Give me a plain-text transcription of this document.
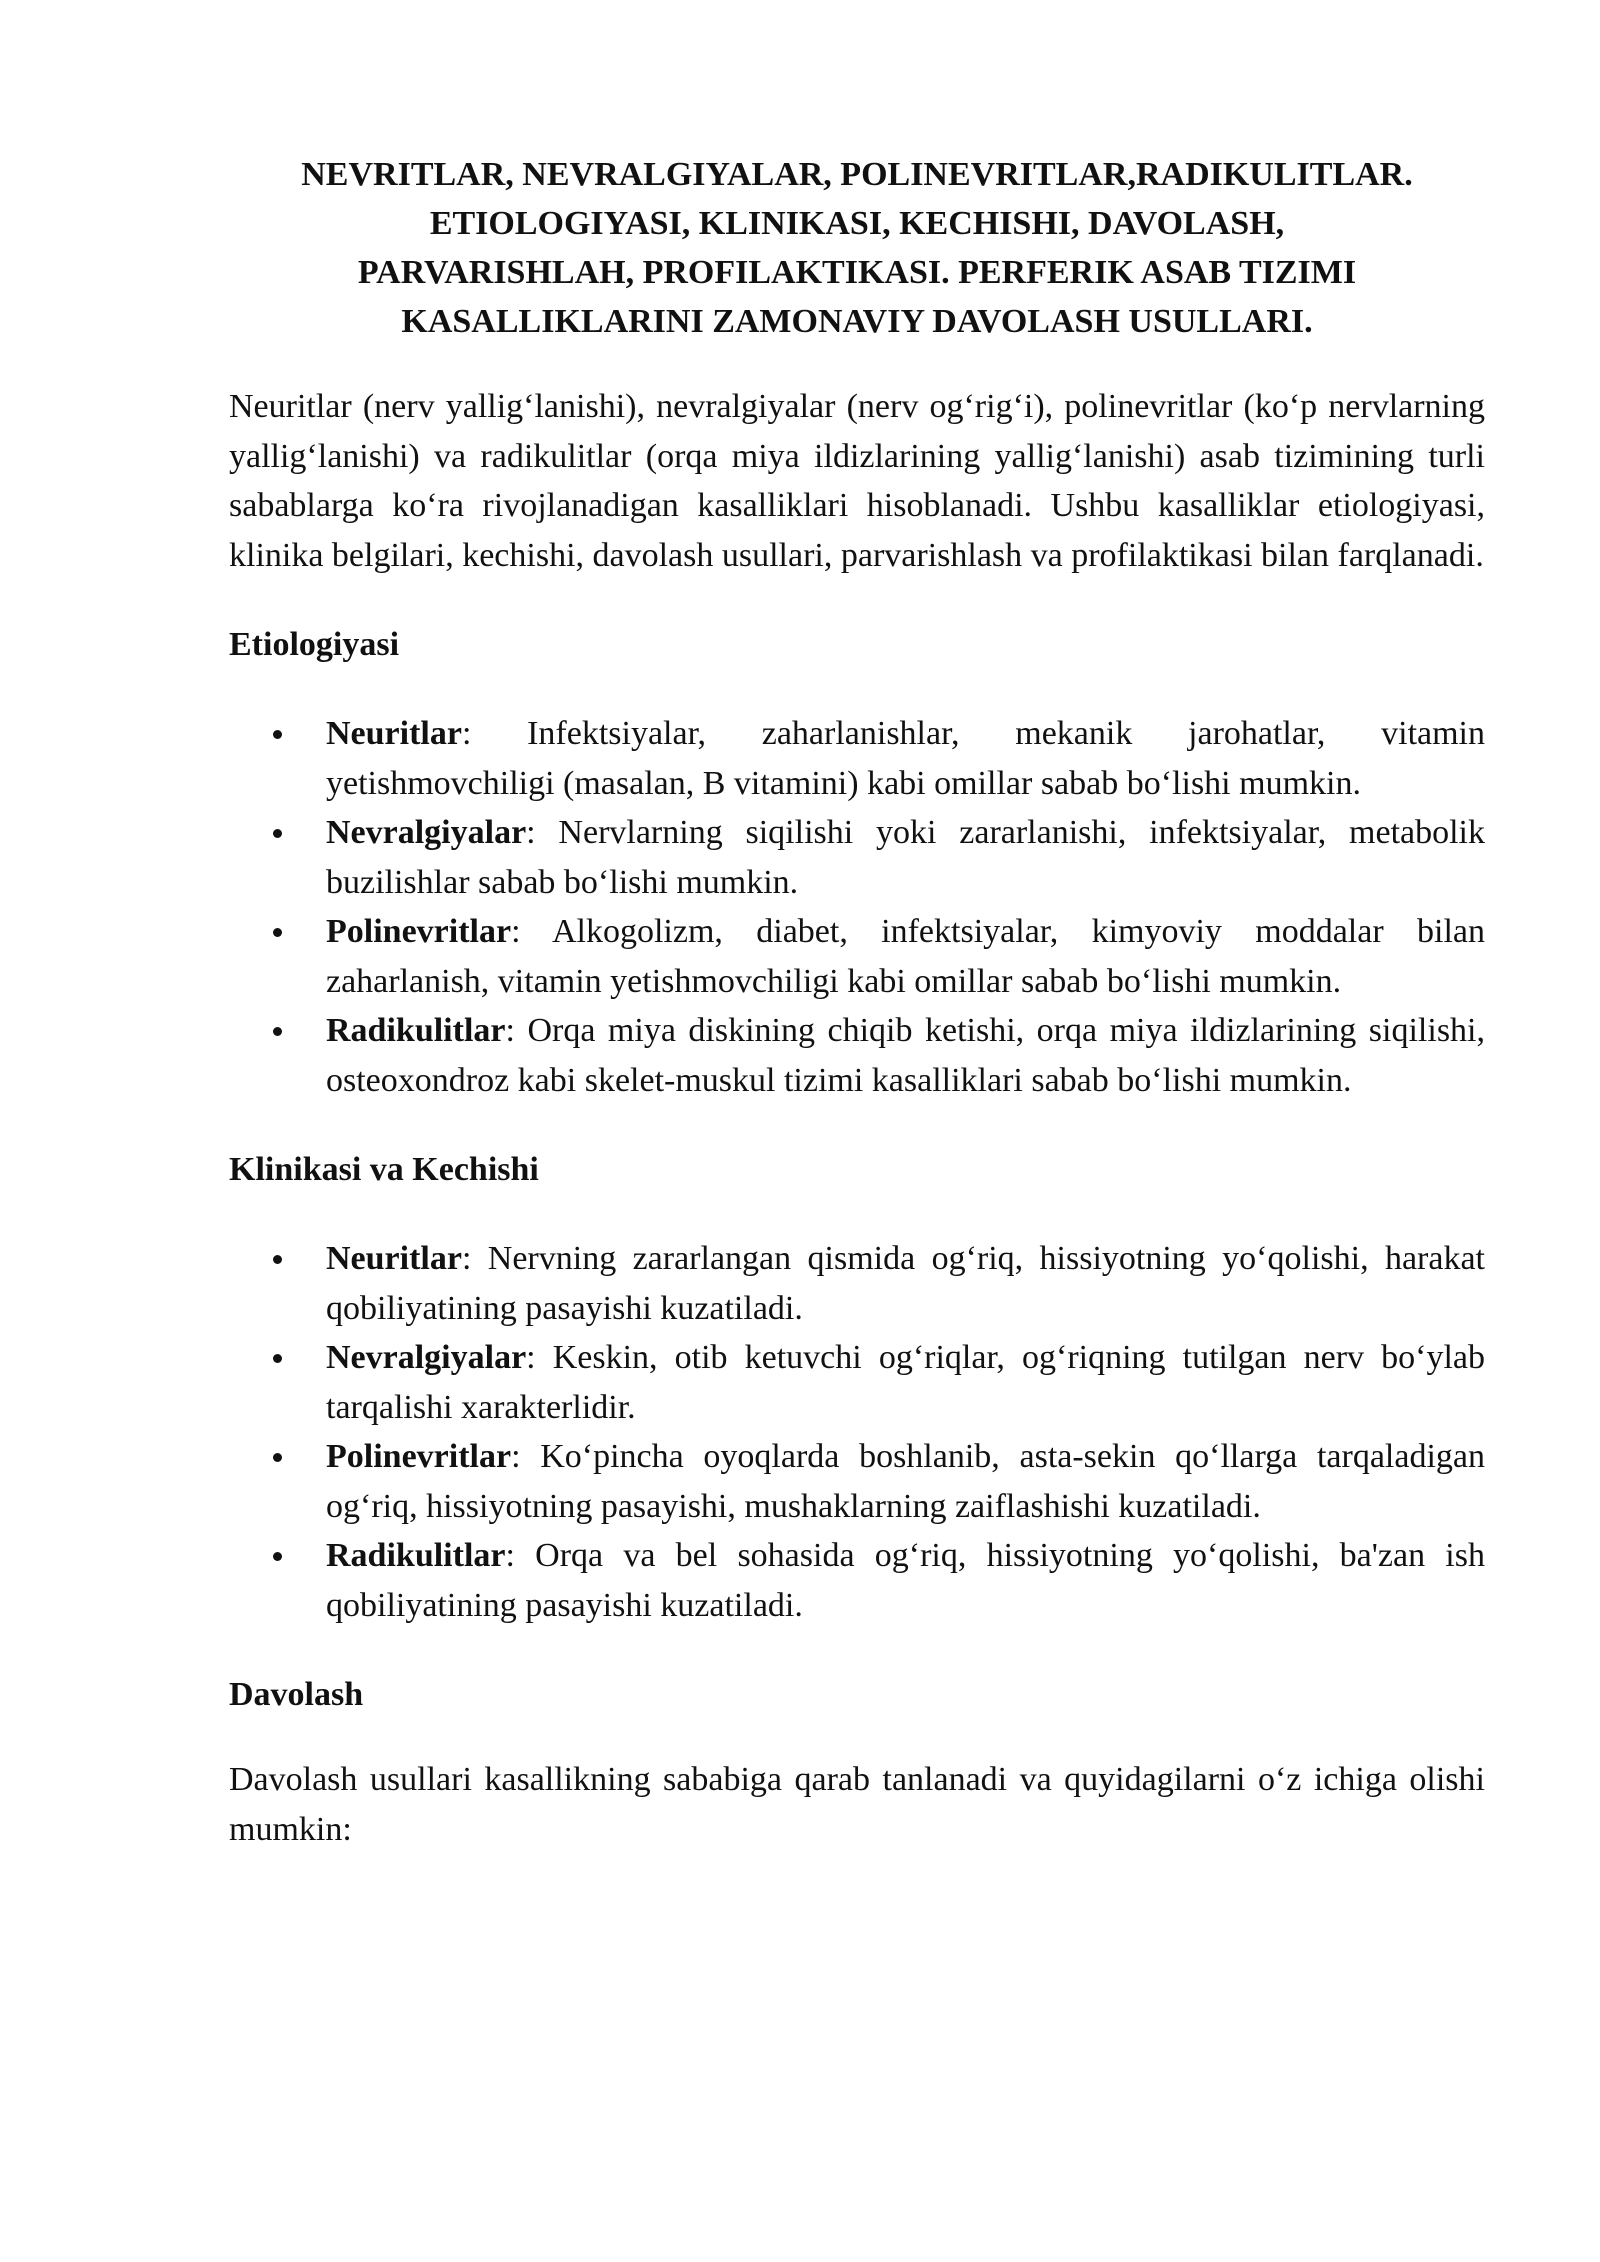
NEVRITLAR, NEVRALGIYALAR, POLINEVRITLAR,RADIKULITLAR.
ETIOLOGIYASI, KLINIKASI, KECHISHI, DAVOLASH,
PARVARISHLAH, PROFILAKTIKASI. PERFERIK ASAB TIZIMI
KASALLIKLARINI ZAMONAVIY DAVOLASH USULLARI.

Neuritlar (nerv yallig‘lanishi), nevralgiyalar (nerv og‘rig‘i), polinevritlar (ko‘p nervlarning yallig‘lanishi) va radikulitlar (orqa miya ildizlarining yallig‘lanishi) asab tizimining turli sabablarga ko‘ra rivojlanadigan kasalliklari hisoblanadi. Ushbu kasalliklar etiologiyasi, klinika belgilari, kechishi, davolash usullari, parvarishlash va profilaktikasi bilan farqlanadi.

Etiologiyasi
Neuritlar: Infektsiyalar, zaharlanishlar, mekanik jarohatlar, vitamin yetishmovchiligi (masalan, B vitamini) kabi omillar sabab bo‘lishi mumkin.
Nevralgiyalar: Nervlarning siqilishi yoki zararlanishi, infektsiyalar, metabolik buzilishlar sabab bo‘lishi mumkin.
Polinevritlar: Alkogolizm, diabet, infektsiyalar, kimyoviy moddalar bilan zaharlanish, vitamin yetishmovchiligi kabi omillar sabab bo‘lishi mumkin.
Radikulitlar: Orqa miya diskining chiqib ketishi, orqa miya ildizlarining siqilishi, osteoxondroz kabi skelet-muskul tizimi kasalliklari sabab bo‘lishi mumkin.
Klinikasi va Kechishi
Neuritlar: Nervning zararlangan qismida og‘riq, hissiyotning yo‘qolishi, harakat qobiliyatining pasayishi kuzatiladi.
Nevralgiyalar: Keskin, otib ketuvchi og‘riqlar, og‘riqning tutilgan nerv bo‘ylab tarqalishi xarakterlidir.
Polinevritlar: Ko‘pincha oyoqlarda boshlanib, asta-sekin qo‘llarga tarqaladigan og‘riq, hissiyotning pasayishi, mushaklarning zaiflashishi kuzatiladi.
Radikulitlar: Orqa va bel sohasida og‘riq, hissiyotning yo‘qolishi, ba'zan ish qobiliyatining pasayishi kuzatiladi.
Davolash

Davolash usullari kasallikning sababiga qarab tanlanadi va quyidagilarni o‘z ichiga olishi mumkin:
